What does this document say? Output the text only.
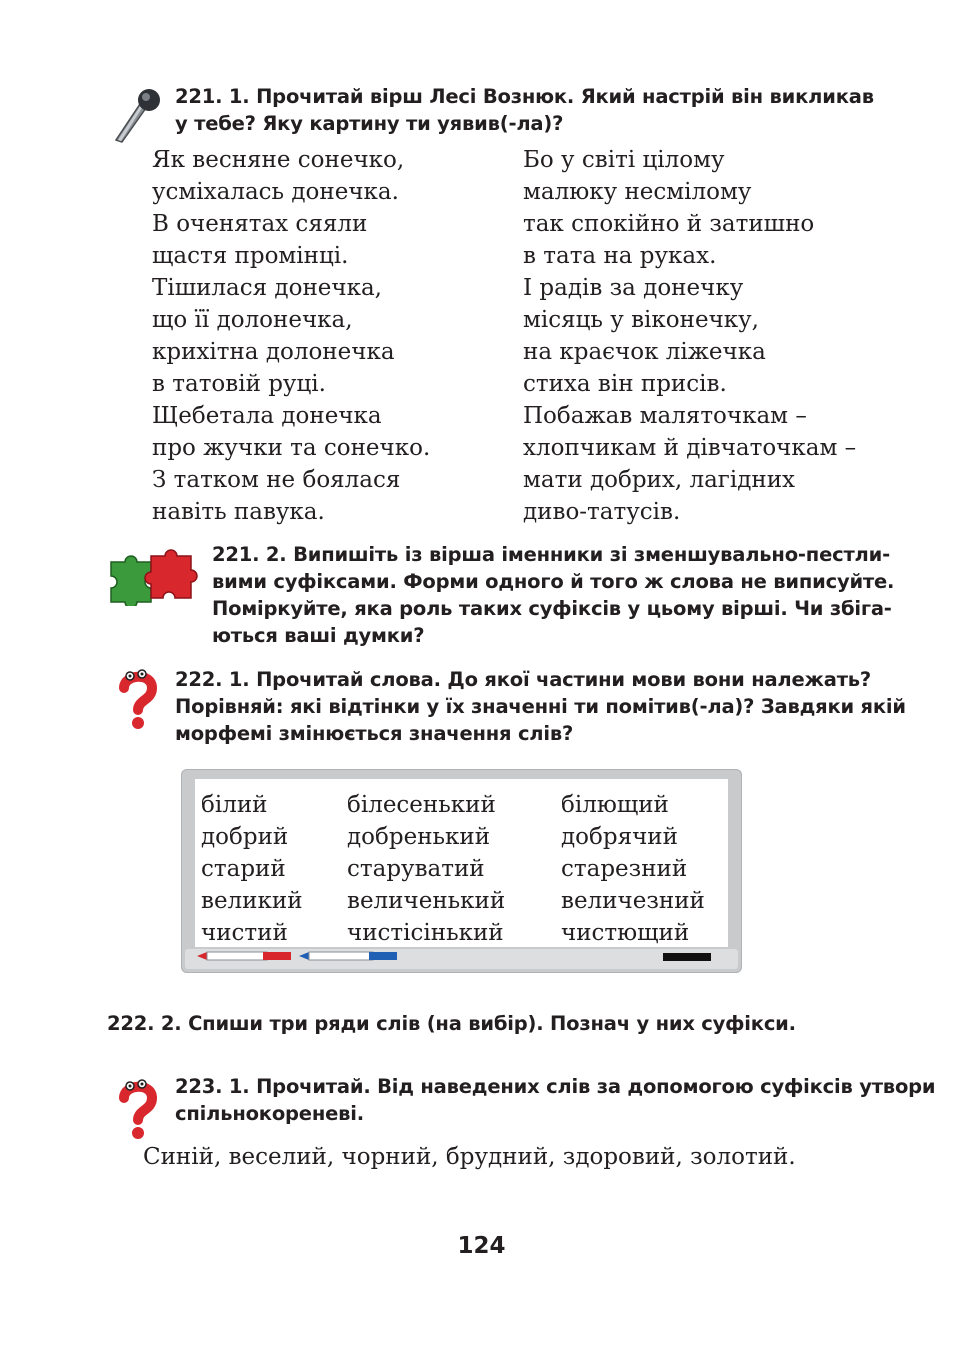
221. 1. Прочитай вірш Лесі Вознюк. Який настрій він викликав
у тебе? Яку картину ти уявив(-ла)?
Як весняне сонечко,
усміхалась донечка.
В оченятах сяяли
щастя промінці.
Тішилася донечка,
що її долонечка,
крихітна долонечка
в татовій руці.
Щебетала донечка
про жучки та сонечко.
З татком не боялася
навіть павука.
Бо у світі цілому
малюку несмілому
так спокійно й затишно
в тата на руках.
І радів за донечку
місяць у віконечку,
на краєчок ліжечка
стиха він присів.
Побажав маляточкам –
хлопчикам й дівчаточкам –
мати добрих, лагідних
диво-татусів.
221. 2. Випишіть із вірша іменники зі зменшувально-пестли-
вими суфіксами. Форми одного й того ж слова не виписуйте.
Поміркуйте, яка роль таких суфіксів у цьому вірші. Чи збіга-
ються ваші думки?
222. 1. Прочитай слова. До якої частини мови вони належать?
Порівняй: які відтінки у їх значенні ти помітив(-ла)? Завдяки якій
морфемі змінюється значення слів?
білий
добрий
старий
великий
чистий
білесенький
добренький
старуватий
величенький
чистісінький
білющий
добрячий
старезний
величезний
чистющий
222. 2. Спиши три ряди слів (на вибір). Познач у них суфікси.
223. 1. Прочитай. Від наведених слів за допомогою суфіксів утвори
спільнокореневі.
Синій, веселий, чорний, брудний, здоровий, золотий.
124
